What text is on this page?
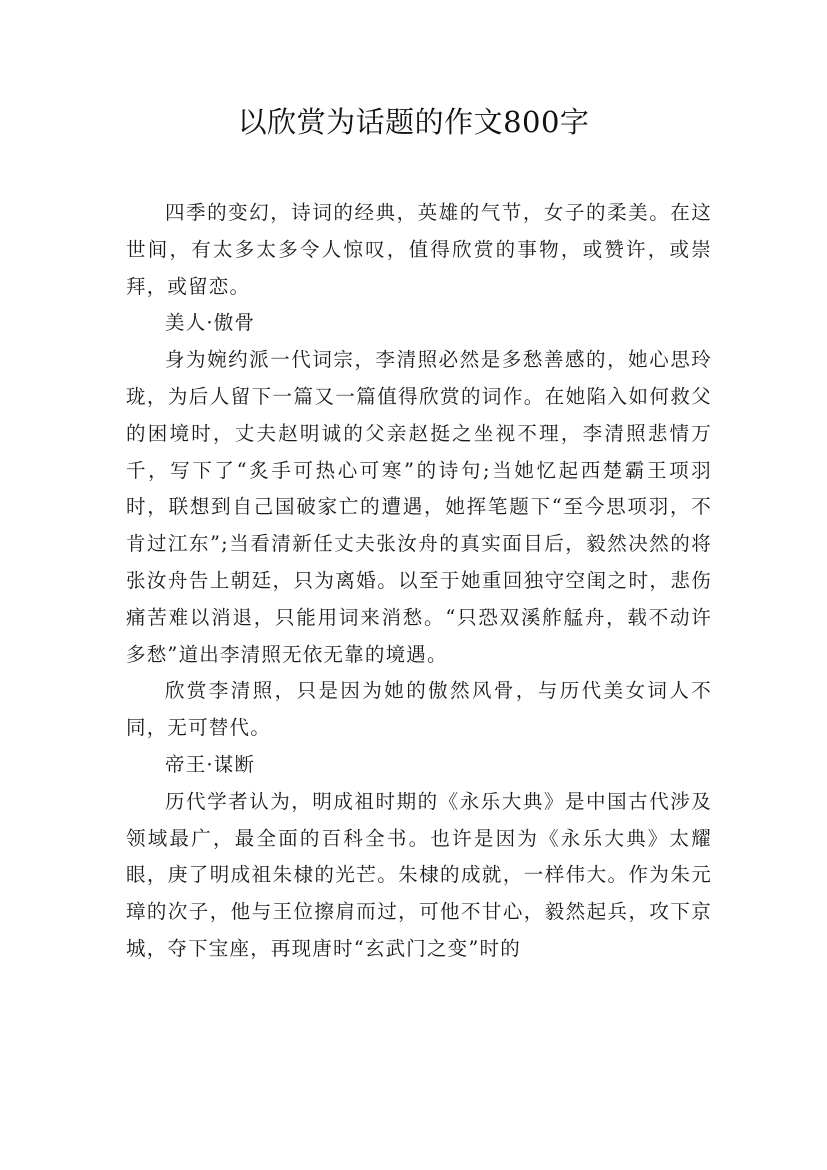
以欣赏为话题的作文800字

四季的变幻，诗词的经典，英雄的气节，女子的柔美。在这世间，有太多太多令人惊叹，值得欣赏的事物，或赞许，或崇拜，或留恋。

美人·傲骨

身为婉约派一代词宗，李清照必然是多愁善感的，她心思玲珑，为后人留下一篇又一篇值得欣赏的词作。在她陷入如何救父的困境时，丈夫赵明诚的父亲赵挺之坐视不理，李清照悲情万千，写下了“炙手可热心可寒”的诗句;当她忆起西楚霸王项羽时，联想到自己国破家亡的遭遇，她挥笔题下“至今思项羽，不肯过江东”;当看清新任丈夫张汝舟的真实面目后，毅然决然的将张汝舟告上朝廷，只为离婚。以至于她重回独守空闺之时，悲伤痛苦难以消退，只能用词来消愁。“只恐双溪舴艋舟，载不动许多愁”道出李清照无依无靠的境遇。

欣赏李清照，只是因为她的傲然风骨，与历代美女词人不同，无可替代。

帝王·谋断

历代学者认为，明成祖时期的《永乐大典》是中国古代涉及领域最广，最全面的百科全书。也许是因为《永乐大典》太耀眼，庚了明成祖朱棣的光芒。朱棣的成就，一样伟大。作为朱元璋的次子，他与王位擦肩而过，可他不甘心，毅然起兵，攻下京城，夺下宝座，再现唐时“玄武门之变”时的
